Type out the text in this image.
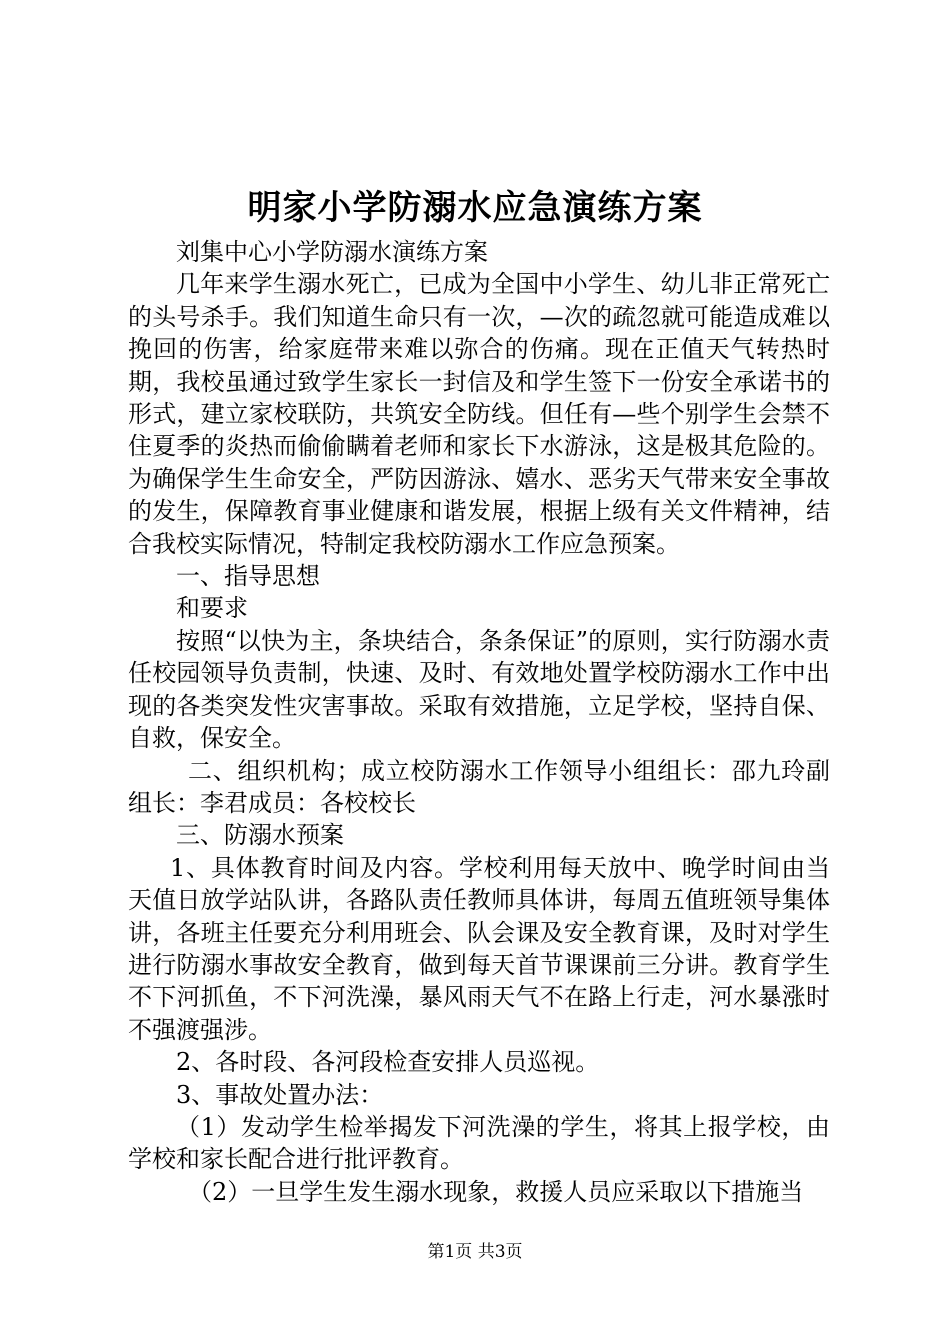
明家小学防溺水应急演练方案

刘集中心小学防溺水演练方案

几年来学生溺水死亡，已成为全国中小学生、幼儿非正常死亡的头号杀手。我们知道生命只有一次，—次的疏忽就可能造成难以挽回的伤害，给家庭带来难以弥合的伤痛。现在正值天气转热时期，我校虽通过致学生家长一封信及和学生签下一份安全承诺书的形式，建立家校联防，共筑安全防线。但任有—些个别学生会禁不住夏季的炎热而偷偷瞒着老师和家长下水游泳，这是极其危险的。为确保学生生命安全，严防因游泳、嬉水、恶劣天气带来安全事故的发生，保障教育事业健康和谐发展，根据上级有关文件精神，结合我校实际情况，特制定我校防溺水工作应急预案。

一、指导思想

和要求

按照“以快为主，条块结合，条条保证”的原则，实行防溺水责任校园领导负责制，快速、及时、有效地处置学校防溺水工作中出现的各类突发性灾害事故。采取有效措施，立足学校，坚持自保、自救，保安全。

二、组织机构；成立校防溺水工作领导小组组长：邵九玲副组长：李君成员：各校校长

三、防溺水预案

1、具体教育时间及内容。学校利用每天放中、晚学时间由当天值日放学站队讲，各路队责任教师具体讲，每周五值班领导集体讲，各班主任要充分利用班会、队会课及安全教育课，及时对学生进行防溺水事故安全教育，做到每天首节课课前三分讲。教育学生不下河抓鱼，不下河洗澡，暴风雨天气不在路上行走，河水暴涨时不强渡强涉。

2、各时段、各河段检查安排人员巡视。

3、事故处置办法：

（1）发动学生检举揭发下河洗澡的学生，将其上报学校，由学校和家长配合进行批评教育。

（2）一旦学生发生溺水现象，救援人员应采取以下措施当

第1页 共3页
